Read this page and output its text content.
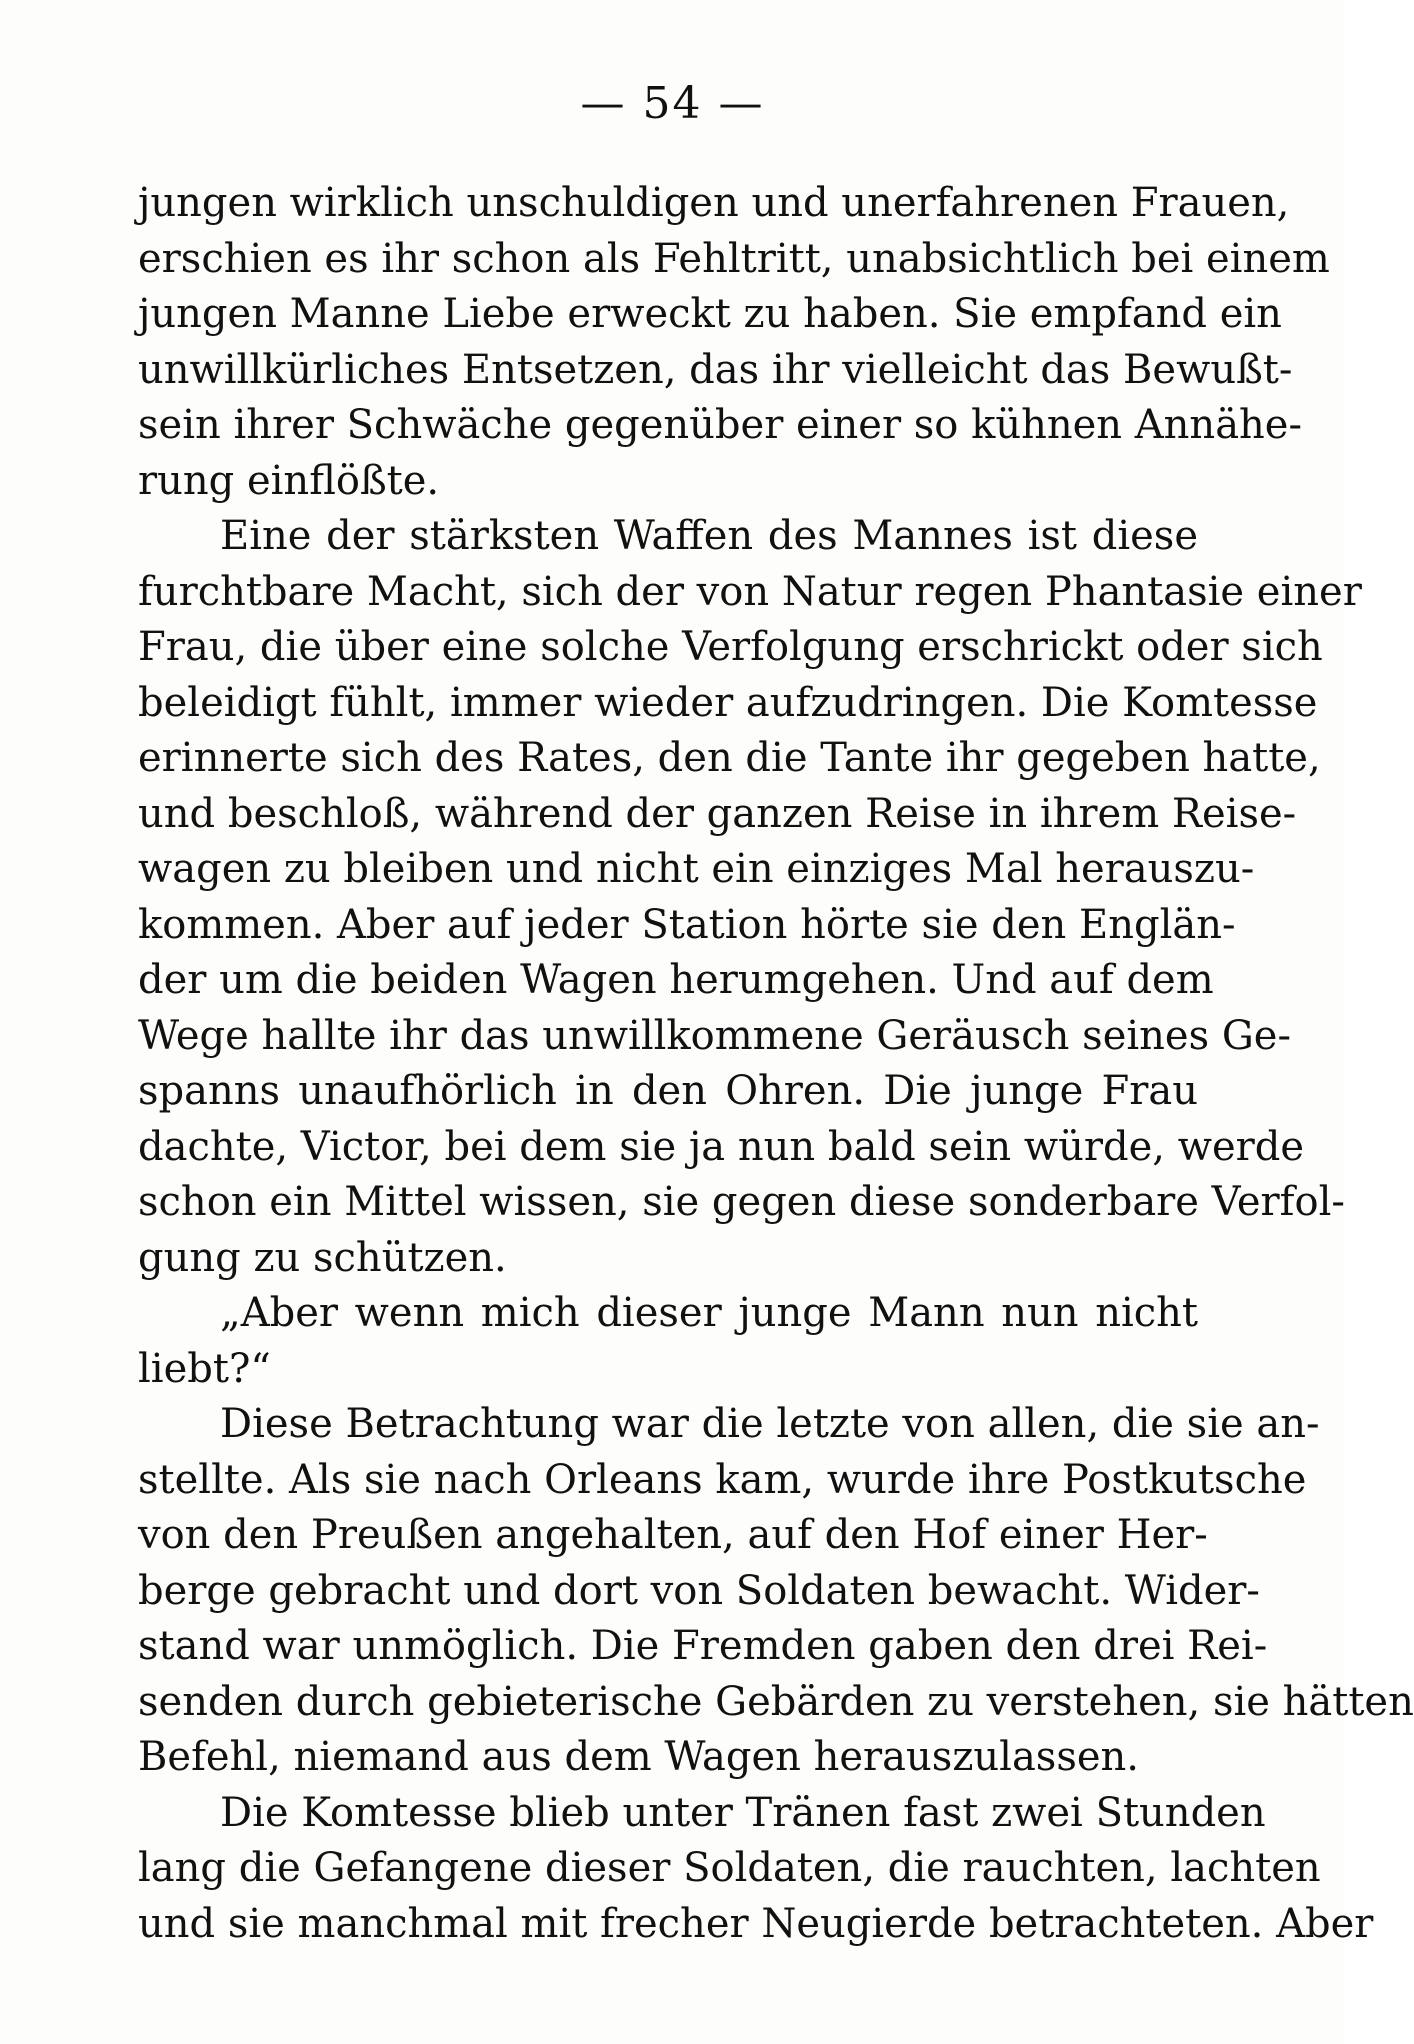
— 54 —
jungen wirklich unschuldigen und unerfahrenen Frauen,
erschien es ihr schon als Fehltritt, unabsichtlich bei einem
jungen Manne Liebe erweckt zu haben. Sie empfand ein
unwillkürliches Entsetzen, das ihr vielleicht das Bewußt-
sein ihrer Schwäche gegenüber einer so kühnen Annähe-
rung einflößte.
Eine der stärksten Waffen des Mannes ist diese
furchtbare Macht, sich der von Natur regen Phantasie einer
Frau, die über eine solche Verfolgung erschrickt oder sich
beleidigt fühlt, immer wieder aufzudringen. Die Komtesse
erinnerte sich des Rates, den die Tante ihr gegeben hatte,
und beschloß, während der ganzen Reise in ihrem Reise-
wagen zu bleiben und nicht ein einziges Mal herauszu-
kommen. Aber auf jeder Station hörte sie den Englän-
der um die beiden Wagen herumgehen. Und auf dem
Wege hallte ihr das unwillkommene Geräusch seines Ge-
spanns unaufhörlich in den Ohren. Die junge Frau
dachte, Victor, bei dem sie ja nun bald sein würde, werde
schon ein Mittel wissen, sie gegen diese sonderbare Verfol-
gung zu schützen.
„Aber wenn mich dieser junge Mann nun nicht
liebt?“
Diese Betrachtung war die letzte von allen, die sie an-
stellte. Als sie nach Orleans kam, wurde ihre Postkutsche
von den Preußen angehalten, auf den Hof einer Her-
berge gebracht und dort von Soldaten bewacht. Wider-
stand war unmöglich. Die Fremden gaben den drei Rei-
senden durch gebieterische Gebärden zu verstehen, sie hätten
Befehl, niemand aus dem Wagen herauszulassen.
Die Komtesse blieb unter Tränen fast zwei Stunden
lang die Gefangene dieser Soldaten, die rauchten, lachten
und sie manchmal mit frecher Neugierde betrachteten. Aber
